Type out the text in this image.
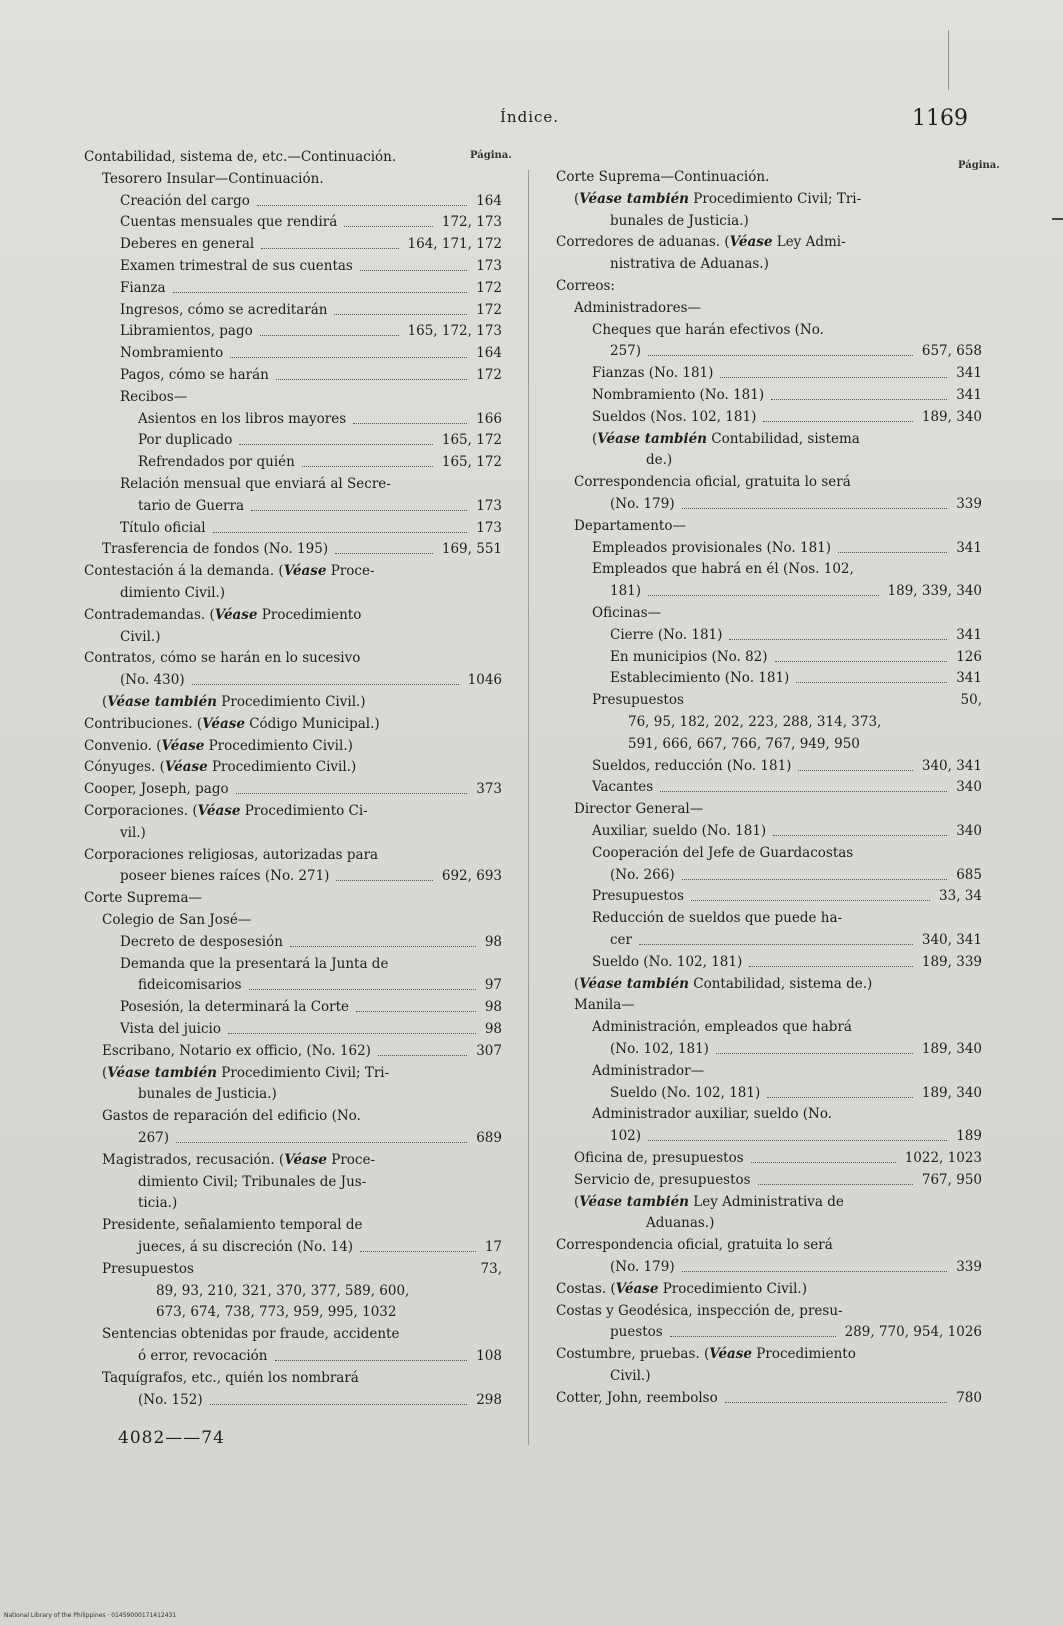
Índice.	1169
Página.
Página.
Contabilidad, sistema de, etc.—Continuación.
Tesorero Insular—Continuación.
Creación del cargo	164
Cuentas mensuales que rendirá	172, 173
Deberes en general	164, 171, 172
Examen trimestral de sus cuentas	173
Fianza	172
Ingresos, cómo se acreditarán	172
Libramientos, pago	165, 172, 173
Nombramiento	164
Pagos, cómo se harán	172
Recibos—
Asientos en los libros mayores	166
Por duplicado	165, 172
Refrendados por quién	165, 172
Relación mensual que enviará al Secre-
tario de Guerra	173
Título oficial	173
Trasferencia de fondos (No. 195)	169, 551
Contestación á la demanda. (Véase Proce-
dimiento Civil.)
Contrademandas. (Véase Procedimiento
Civil.)
Contratos, cómo se harán en lo sucesivo
(No. 430)	1046
(Véase también Procedimiento Civil.)
Contribuciones. (Véase Código Municipal.)
Convenio. (Véase Procedimiento Civil.)
Cónyuges. (Véase Procedimiento Civil.)
Cooper, Joseph, pago	373
Corporaciones. (Véase Procedimiento Ci-
vil.)
Corporaciones religiosas, autorizadas para
poseer bienes raíces (No. 271)	692, 693
Corte Suprema—
Colegio de San José—
Decreto de desposesión	98
Demanda que la presentará la Junta de
fideicomisarios	97
Posesión, la determinará la Corte	98
Vista del juicio	98
Escribano, Notario ex officio, (No. 162)	307
(Véase también Procedimiento Civil; Tri-
bunales de Justicia.)
Gastos de reparación del edificio (No.
267)	689
Magistrados, recusación. (Véase Proce-
dimiento Civil; Tribunales de Jus-
ticia.)
Presidente, señalamiento temporal de
jueces, á su discreción (No. 14)	17
Presupuestos	73,
89, 93, 210, 321, 370, 377, 589, 600,
673, 674, 738, 773, 959, 995, 1032
Sentencias obtenidas por fraude, accidente
ó error, revocación	108
Taquígrafos, etc., quién los nombrará
(No. 152)	298
Corte Suprema—Continuación.
(Véase también Procedimiento Civil; Tri-
bunales de Justicia.)
Corredores de aduanas. (Véase Ley Admi-
nistrativa de Aduanas.)
Correos:
Administradores—
Cheques que harán efectivos (No.
257)	657, 658
Fianzas (No. 181)	341
Nombramiento (No. 181)	341
Sueldos (Nos. 102, 181)	189, 340
(Véase también Contabilidad, sistema
de.)
Correspondencia oficial, gratuita lo será
(No. 179)	339
Departamento—
Empleados provisionales (No. 181)	341
Empleados que habrá en él (Nos. 102,
181)	189, 339, 340
Oficinas—
Cierre (No. 181)	341
En municipios (No. 82)	126
Establecimiento (No. 181)	341
Presupuestos	50,
76, 95, 182, 202, 223, 288, 314, 373,
591, 666, 667, 766, 767, 949, 950
Sueldos, reducción (No. 181)	340, 341
Vacantes	340
Director General—
Auxiliar, sueldo (No. 181)	340
Cooperación del Jefe de Guardacostas
(No. 266)	685
Presupuestos	33, 34
Reducción de sueldos que puede ha-
cer	340, 341
Sueldo (No. 102, 181)	189, 339
(Véase también Contabilidad, sistema de.)
Manila—
Administración, empleados que habrá
(No. 102, 181)	189, 340
Administrador—
Sueldo (No. 102, 181)	189, 340
Administrador auxiliar, sueldo (No.
102)	189
Oficina de, presupuestos	1022, 1023
Servicio de, presupuestos	767, 950
(Véase también Ley Administrativa de
Aduanas.)
Correspondencia oficial, gratuita lo será
(No. 179)	339
Costas. (Véase Procedimiento Civil.)
Costas y Geodésica, inspección de, presu-
puestos	289, 770, 954, 1026
Costumbre, pruebas. (Véase Procedimiento
Civil.)
Cotter, John, reembolso	780
4082——74
National Library of the Philippines · 01459000171412431
